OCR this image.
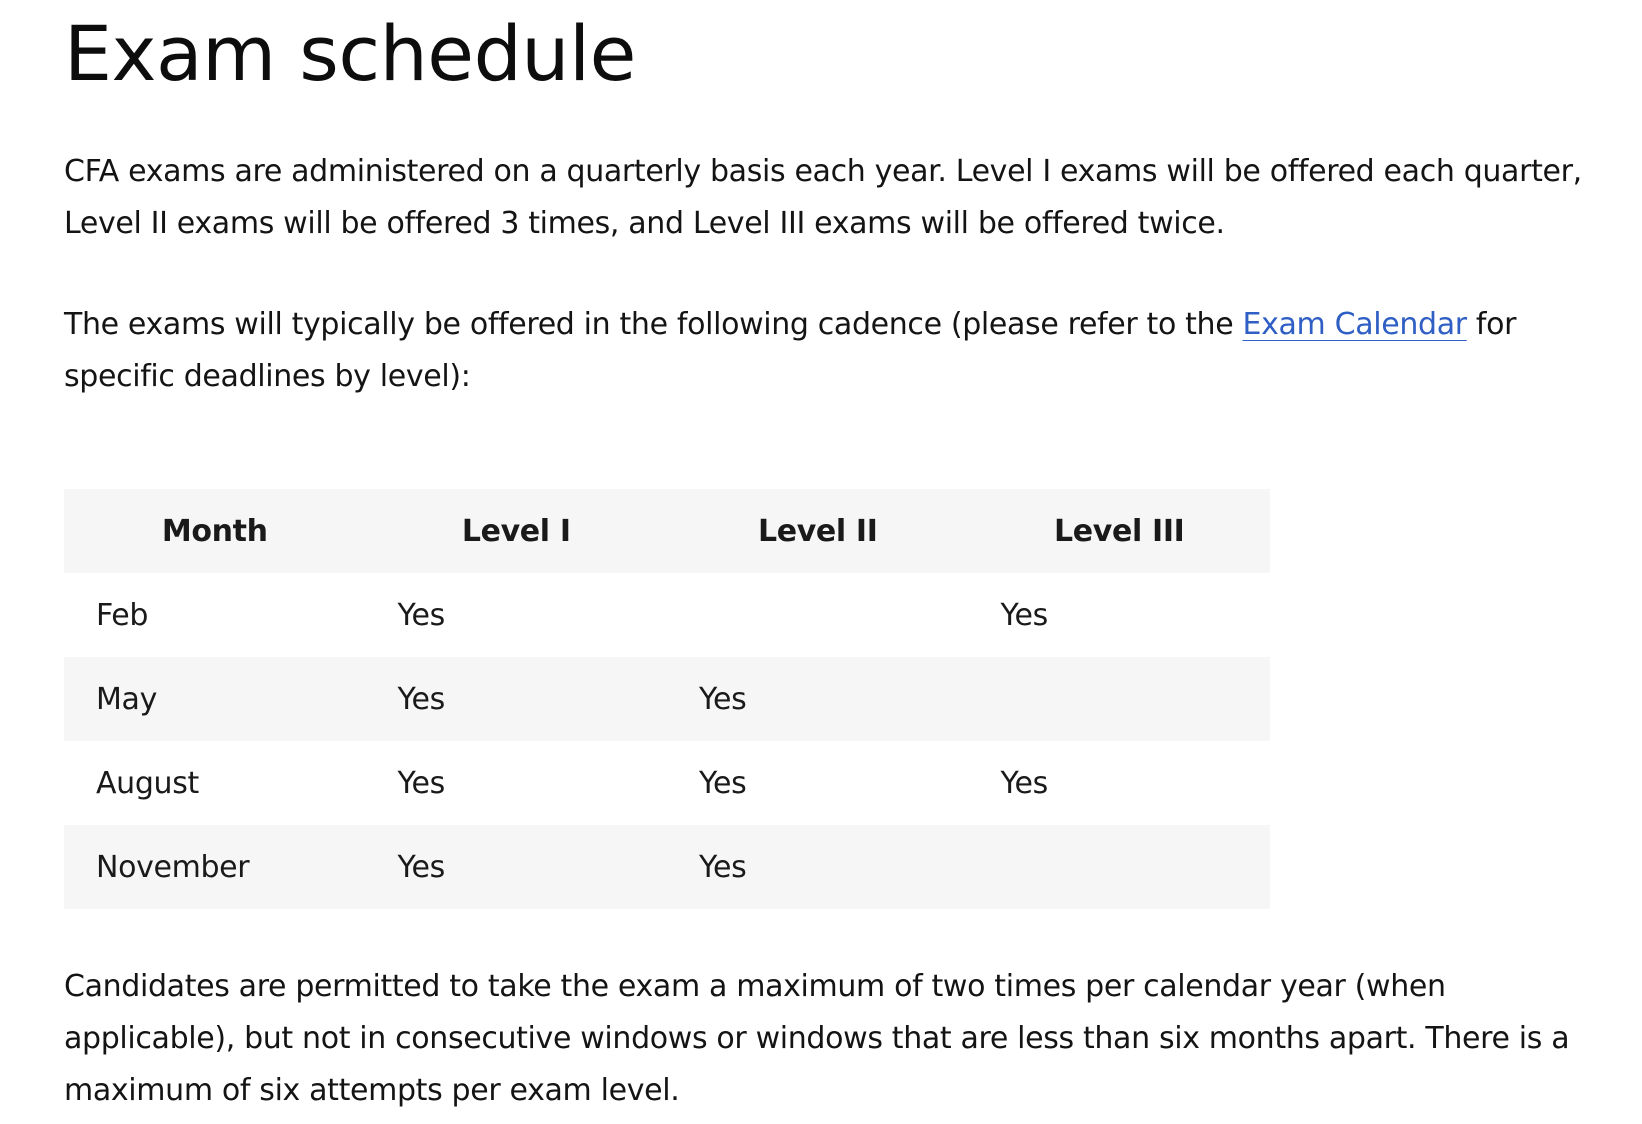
Exam schedule

CFA exams are administered on a quarterly basis each year. Level I exams will be offered each quarter, Level II exams will be offered 3 times, and Level III exams will be offered twice.

The exams will typically be offered in the following cadence (please refer to the Exam Calendar for specific deadlines by level):

Month	Level I	Level II	Level III
Feb	Yes		Yes
May	Yes	Yes	
August	Yes	Yes	Yes
November	Yes	Yes	

Candidates are permitted to take the exam a maximum of two times per calendar year (when applicable), but not in consecutive windows or windows that are less than six months apart. There is a maximum of six attempts per exam level.
